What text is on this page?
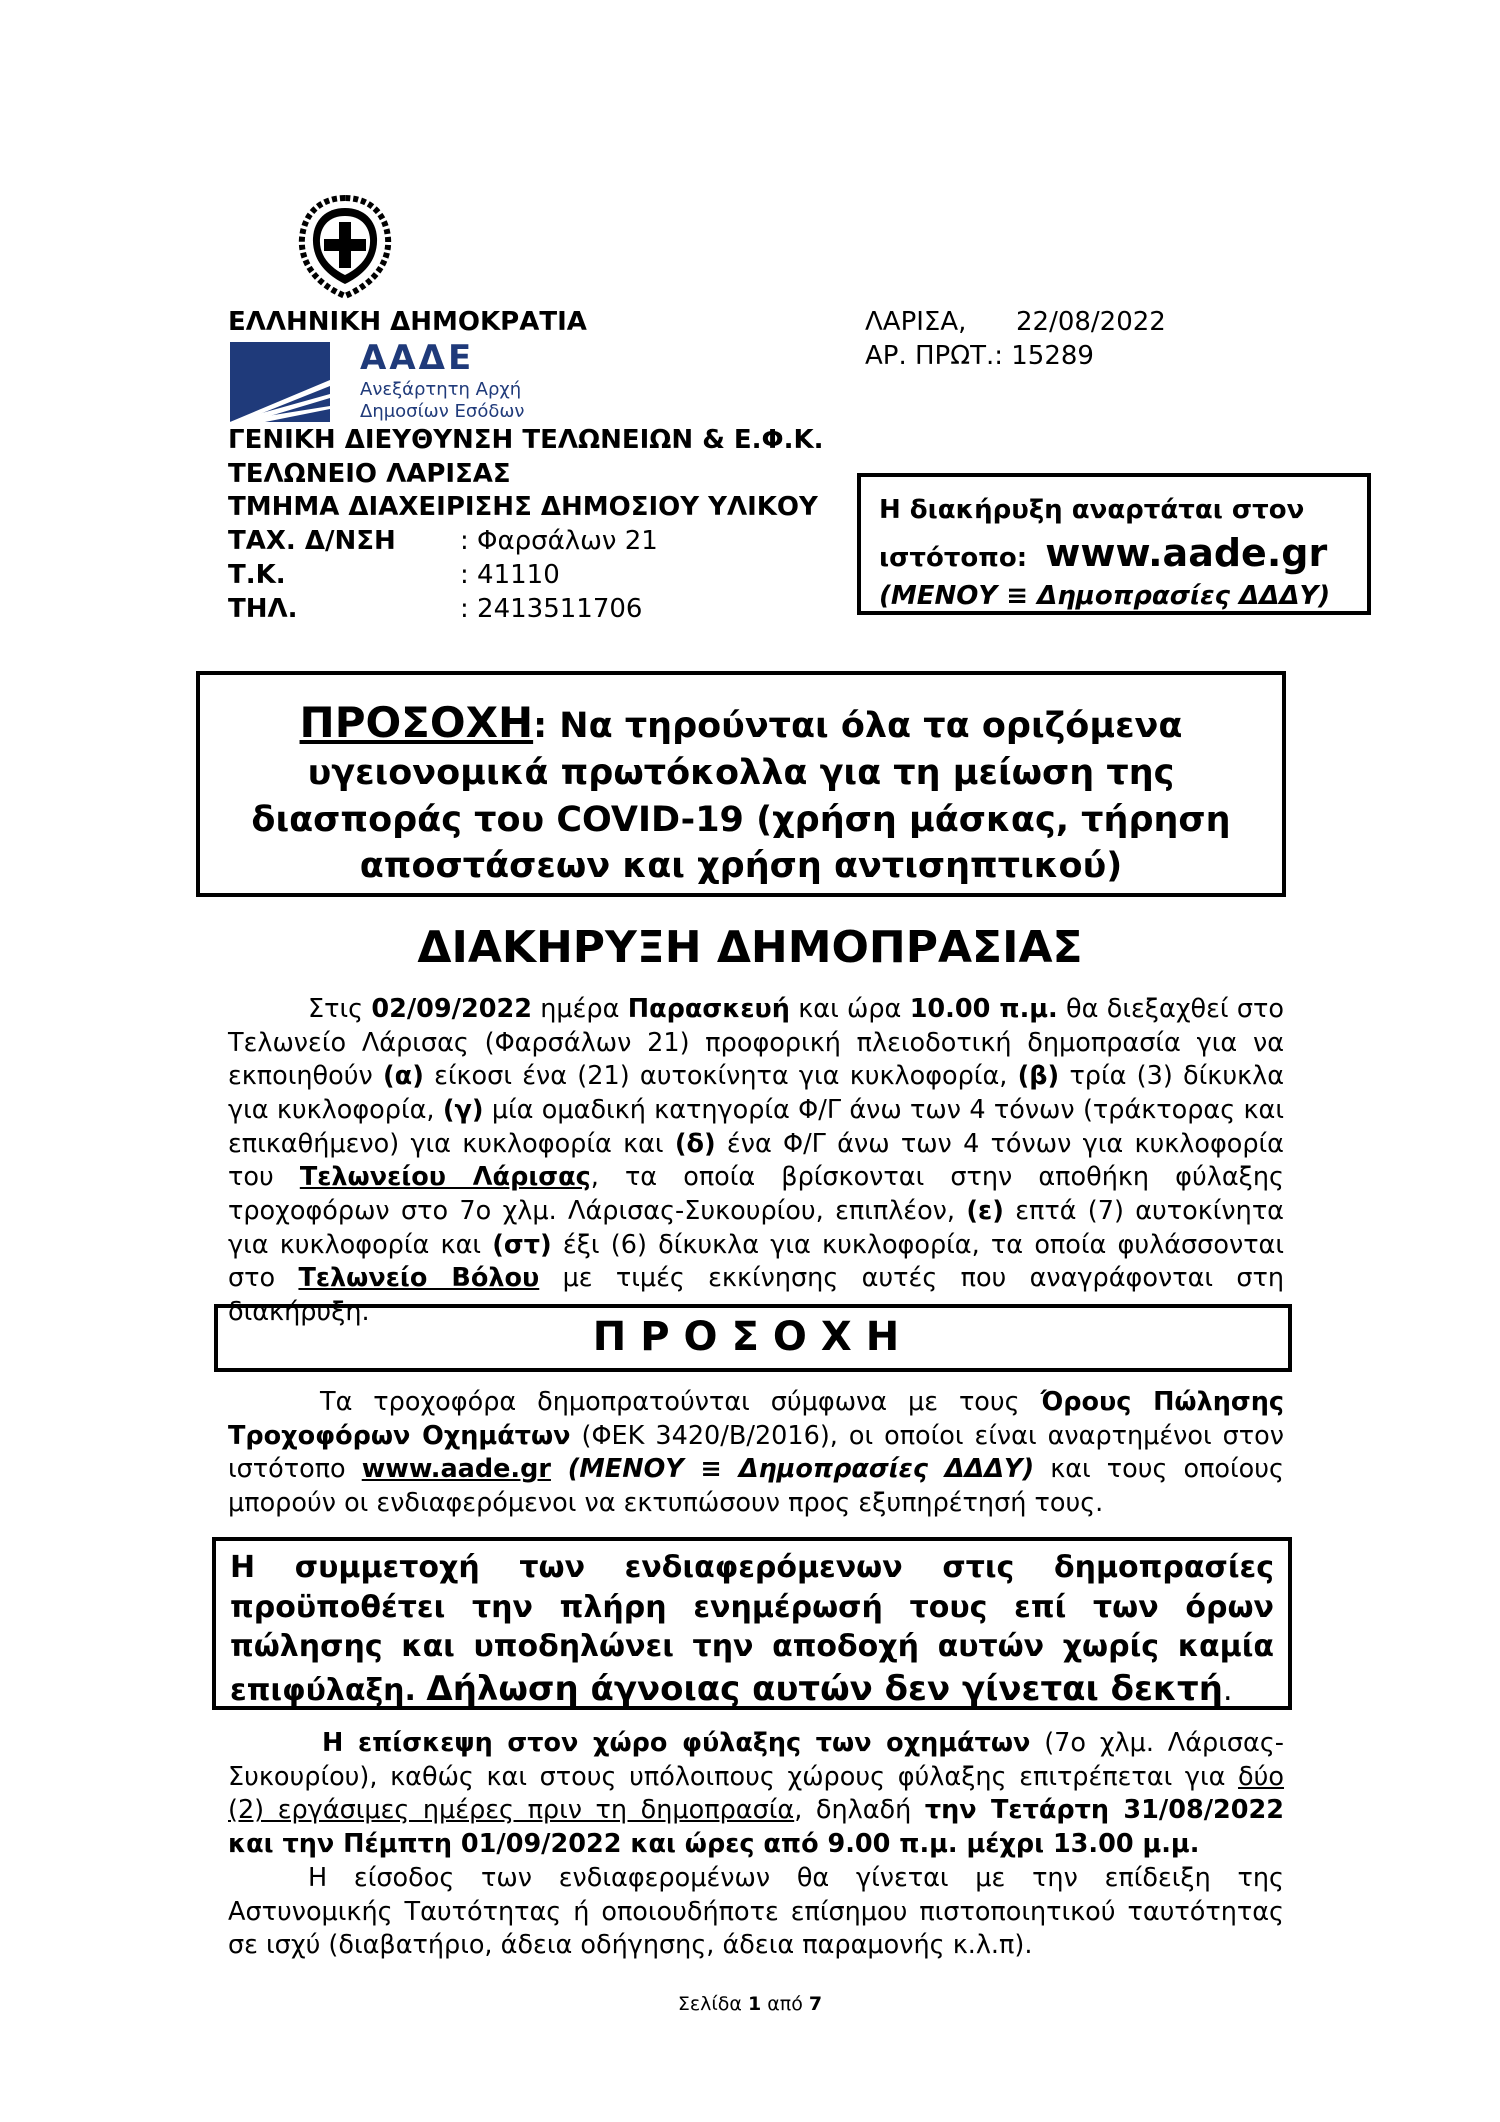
ΕΛΛΗΝΙΚΗ ΔΗΜΟΚΡΑΤΙΑ
ΑΑΔΕ
Ανεξάρτητη Αρχή
Δημοσίων Εσόδων
ΓΕΝΙΚΗ ΔΙΕΥΘΥΝΣΗ ΤΕΛΩΝΕΙΩΝ & Ε.Φ.Κ.
ΤΕΛΩΝΕΙΟ ΛΑΡΙΣΑΣ
ΤΜΗΜΑ ΔΙΑΧΕΙΡΙΣΗΣ ΔΗΜΟΣΙΟΥ ΥΛΙΚΟΥ
ΤΑΧ. Δ/ΝΣΗ	: Φαρσάλων 21
Τ.Κ.	: 41110
ΤΗΛ.	: 2413511706
ΛΑΡΙΣΑ,      22/08/2022
ΑΡ. ΠΡΩΤ.: 15289
Η διακήρυξη αναρτάται στον
ιστότοπο:  www.aade.gr
(ΜΕΝΟΥ ≡ Δημοπρασίες ΔΔΔΥ)
ΠΡΟΣΟΧΗ: Να τηρούνται όλα τα οριζόμενα υγειονομικά πρωτόκολλα για τη μείωση της διασποράς του COVID-19 (χρήση μάσκας, τήρηση αποστάσεων και χρήση αντισηπτικού)
ΔΙΑΚΗΡΥΞΗ ΔΗΜΟΠΡΑΣΙΑΣ
Στις 02/09/2022 ημέρα Παρασκευή και ώρα 10.00 π.μ. θα διεξαχθεί στο Τελωνείο Λάρισας (Φαρσάλων 21) προφορική πλειοδοτική δημοπρασία για να εκποιηθούν (α) είκοσι ένα (21) αυτοκίνητα για κυκλοφορία, (β) τρία (3) δίκυκλα για κυκλοφορία, (γ) μία ομαδική κατηγορία Φ/Γ άνω των 4 τόνων (τράκτορας και επικαθήμενο) για κυκλοφορία και (δ) ένα Φ/Γ άνω των 4 τόνων για κυκλοφορία του Τελωνείου Λάρισας, τα οποία βρίσκονται στην αποθήκη φύλαξης τροχοφόρων στο 7ο χλμ. Λάρισας-Συκουρίου, επιπλέον, (ε) επτά (7) αυτοκίνητα για κυκλοφορία και (στ) έξι (6) δίκυκλα για κυκλοφορία, τα οποία φυλάσσονται στο Τελωνείο Βόλου με τιμές εκκίνησης αυτές που αναγράφονται στη διακήρυξη.
ΠΡΟΣΟΧΗ
Τα τροχοφόρα δημοπρατούνται σύμφωνα με τους Όρους Πώλησης Τροχοφόρων Οχημάτων (ΦΕΚ 3420/Β/2016), οι οποίοι είναι αναρτημένοι στον ιστότοπο www.aade.gr (ΜΕΝΟΥ ≡ Δημοπρασίες ΔΔΔΥ) και τους οποίους μπορούν οι ενδιαφερόμενοι να εκτυπώσουν προς εξυπηρέτησή τους.
Η συμμετοχή των ενδιαφερόμενων στις δημοπρασίες προϋποθέτει την πλήρη ενημέρωσή τους επί των όρων πώλησης και υποδηλώνει την αποδοχή αυτών χωρίς καμία επιφύλαξη. Δήλωση άγνοιας αυτών δεν γίνεται δεκτή.
Η επίσκεψη στον χώρο φύλαξης των οχημάτων (7ο χλμ. Λάρισας-Συκουρίου), καθώς και στους υπόλοιπους χώρους φύλαξης επιτρέπεται για δύο (2) εργάσιμες ημέρες πριν τη δημοπρασία, δηλαδή την Τετάρτη 31/08/2022 και την Πέμπτη 01/09/2022 και ώρες από 9.00 π.μ. μέχρι 13.00 μ.μ.
Η είσοδος των ενδιαφερομένων θα γίνεται με την επίδειξη της Αστυνομικής Ταυτότητας ή οποιουδήποτε επίσημου πιστοποιητικού ταυτότητας σε ισχύ (διαβατήριο, άδεια οδήγησης, άδεια παραμονής κ.λ.π).
Σελίδα 1 από 7
